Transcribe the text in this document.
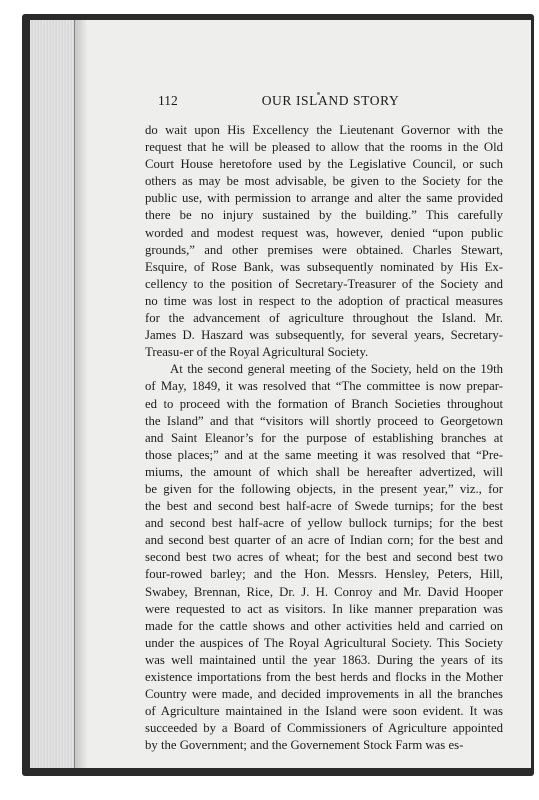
112	OUR ISLAND STORY
do wait upon His Excellency the Lieutenant Governor with the
request that he will be pleased to allow that the rooms in the Old
Court House heretofore used by the Legislative Council, or such
others as may be most advisable, be given to the Society for the
public use, with permission to arrange and alter the same provided
there be no injury sustained by the building.” This carefully
worded and modest request was, however, denied “upon public
grounds,” and other premises were obtained. Charles Stewart,
Esquire, of Rose Bank, was subsequently nominated by His Ex-
cellency to the position of Secretary-Treasurer of the Society and
no time was lost in respect to the adoption of practical measures
for the advancement of agriculture throughout the Island. Mr.
James D. Haszard was subsequently, for several years, Secretary-
Treasu-er of the Royal Agricultural Society.
At the second general meeting of the Society, held on the 19th
of May, 1849, it was resolved that “The committee is now prepar-
ed to proceed with the formation of Branch Societies throughout
the Island” and that “visitors will shortly proceed to Georgetown
and Saint Eleanor’s for the purpose of establishing branches at
those places;” and at the same meeting it was resolved that “Pre-
miums, the amount of which shall be hereafter advertized, will
be given for the following objects, in the present year,” viz., for
the best and second best half-acre of Swede turnips; for the best
and second best half-acre of yellow bullock turnips; for the best
and second best quarter of an acre of Indian corn; for the best and
second best two acres of wheat; for the best and second best two
four-rowed barley; and the Hon. Messrs. Hensley, Peters, Hill,
Swabey, Brennan, Rice, Dr. J. H. Conroy and Mr. David Hooper
were requested to act as visitors. In like manner preparation was
made for the cattle shows and other activities held and carried on
under the auspices of The Royal Agricultural Society. This Society
was well maintained until the year 1863. During the years of its
existence importations from the best herds and flocks in the Mother
Country were made, and decided improvements in all the branches
of Agriculture maintained in the Island were soon evident. It was
succeeded by a Board of Commissioners of Agriculture appointed
by the Government; and the Governement Stock Farm was es-
